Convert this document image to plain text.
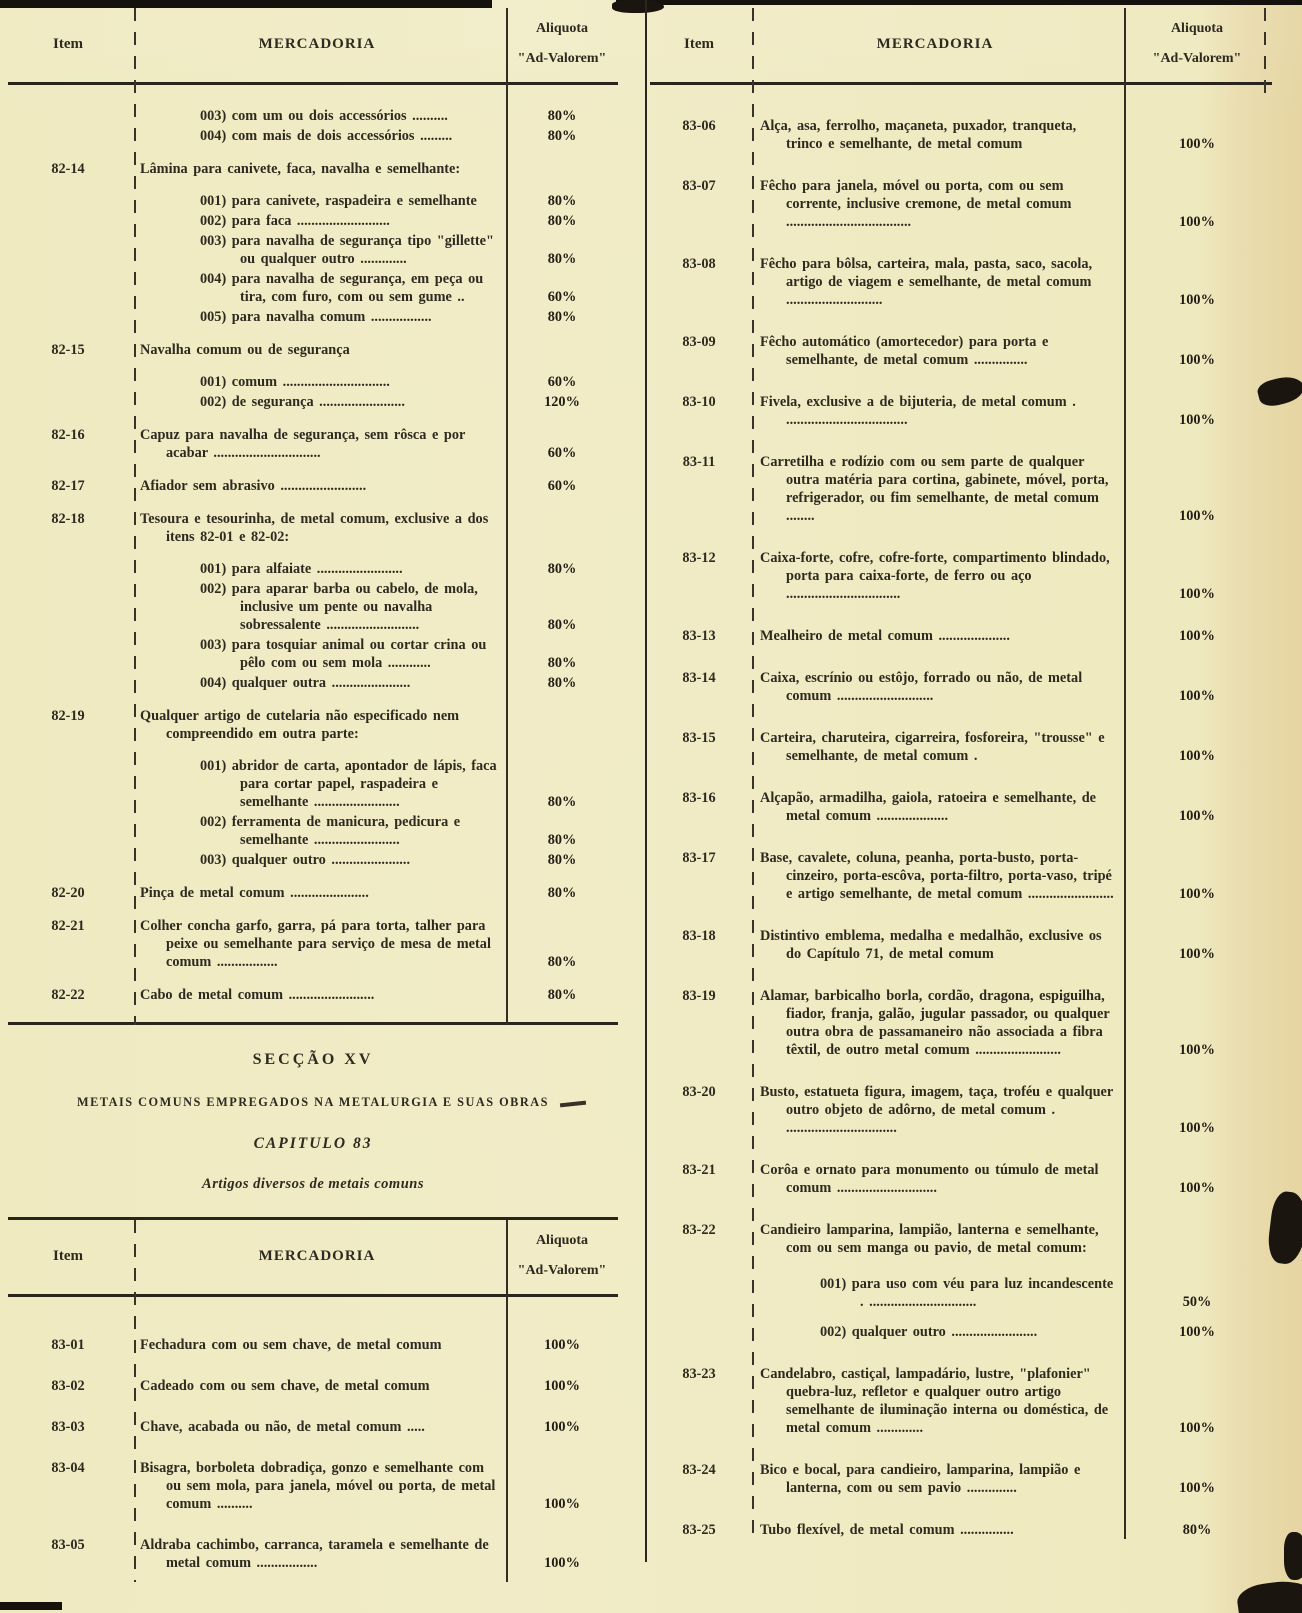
Item	MERCADORIA
Aliquota
"Ad-Valorem"
003) com um ou dois accessórios ..........	80%
004) com mais de dois accessórios .........	80%
82-14	Lâmina para canivete, faca, navalha e semelhante:
001) para canivete, raspadeira e semelhante	80%
002) para faca ..........................	80%
003) para navalha de segurança tipo "gillette" ou qualquer outro .............	80%
004) para navalha de segurança, em peça ou tira, com furo, com ou sem gume ..	60%
005) para navalha comum .................	80%
82-15	Navalha comum ou de segurança
001) comum ..............................	60%
002) de segurança ........................	120%
82-16	Capuz para navalha de segurança, sem rôsca e por acabar ..............................	60%
82-17	Afiador sem abrasivo ........................	60%
82-18	Tesoura e tesourinha, de metal comum, exclusive a dos itens 82-01 e 82-02:
001) para alfaiate ........................	80%
002) para aparar barba ou cabelo, de mola, inclusive um pente ou navalha sobressalente ..........................	80%
003) para tosquiar animal ou cortar crina ou pêlo com ou sem mola ............	80%
004) qualquer outra ......................	80%
82-19	Qualquer artigo de cutelaria não especificado nem compreendido em outra parte:
001) abridor de carta, apontador de lápis, faca para cortar papel, raspadeira e semelhante ........................	80%
002) ferramenta de manicura, pedicura e semelhante ........................	80%
003) qualquer outro ......................	80%
82-20	Pinça de metal comum ......................	80%
82-21	Colher concha garfo, garra, pá para torta, talher para peixe ou semelhante para serviço de mesa de metal comum .................	80%
82-22	Cabo de metal comum ........................	80%
SECÇÃO XV
METAIS COMUNS EMPREGADOS NA METALURGIA E SUAS OBRAS
CAPITULO 83
Artigos diversos de metais comuns
Item	MERCADORIA
Aliquota
"Ad-Valorem"
83-01	Fechadura com ou sem chave, de metal comum	100%
83-02	Cadeado com ou sem chave, de metal comum	100%
83-03	Chave, acabada ou não, de metal comum .....	100%
83-04	Bisagra, borboleta dobradiça, gonzo e semelhante com ou sem mola, para janela, móvel ou porta, de metal comum ..........	100%
83-05	Aldraba cachimbo, carranca, taramela e semelhante de metal comum .................	100%
Item	MERCADORIA
Aliquota
"Ad-Valorem"
83-06	Alça, asa, ferrolho, maçaneta, puxador, tranqueta, trinco e semelhante, de metal comum	100%
83-07	Fêcho para janela, móvel ou porta, com ou sem corrente, inclusive cremone, de metal comum ...................................	100%
83-08	Fêcho para bôlsa, carteira, mala, pasta, saco, sacola, artigo de viagem e semelhante, de metal comum ...........................	100%
83-09	Fêcho automático (amortecedor) para porta e semelhante, de metal comum ...............	100%
83-10	Fivela, exclusive a de bijuteria, de metal comum . ..................................	100%
83-11	Carretilha e rodízio com ou sem parte de qualquer outra matéria para cortina, gabinete, móvel, porta, refrigerador, ou fim semelhante, de metal comum ........	100%
83-12	Caixa-forte, cofre, cofre-forte, compartimento blindado, porta para caixa-forte, de ferro ou aço ................................	100%
83-13	Mealheiro de metal comum ....................	100%
83-14	Caixa, escrínio ou estôjo, forrado ou não, de metal comum ...........................	100%
83-15	Carteira, charuteira, cigarreira, fosforeira, "trousse" e semelhante, de metal comum .	100%
83-16	Alçapão, armadilha, gaiola, ratoeira e semelhante, de metal comum ....................	100%
83-17	Base, cavalete, coluna, peanha, porta-busto, porta-cinzeiro, porta-escôva, porta-filtro, porta-vaso, tripé e artigo semelhante, de metal comum ........................	100%
83-18	Distintivo emblema, medalha e medalhão, exclusive os do Capítulo 71, de metal comum	100%
83-19	Alamar, barbicalho borla, cordão, dragona, espiguilha, fiador, franja, galão, jugular passador, ou qualquer outra obra de passamaneiro não associada a fibra têxtil, de outro metal comum ........................	100%
83-20	Busto, estatueta figura, imagem, taça, troféu e qualquer outro objeto de adôrno, de metal comum . ...............................	100%
83-21	Corôa e ornato para monumento ou túmulo de metal comum ............................	100%
83-22	Candieiro lamparina, lampião, lanterna e semelhante, com ou sem manga ou pavio, de metal comum:
001) para uso com véu para luz incandescente . ..............................	50%
002) qualquer outro ........................	100%
83-23	Candelabro, castiçal, lampadário, lustre, "plafonier" quebra-luz, refletor e qualquer outro artigo semelhante de iluminação interna ou doméstica, de metal comum .............	100%
83-24	Bico e bocal, para candieiro, lamparina, lampião e lanterna, com ou sem pavio ..............	100%
83-25	Tubo flexível, de metal comum ...............	80%
